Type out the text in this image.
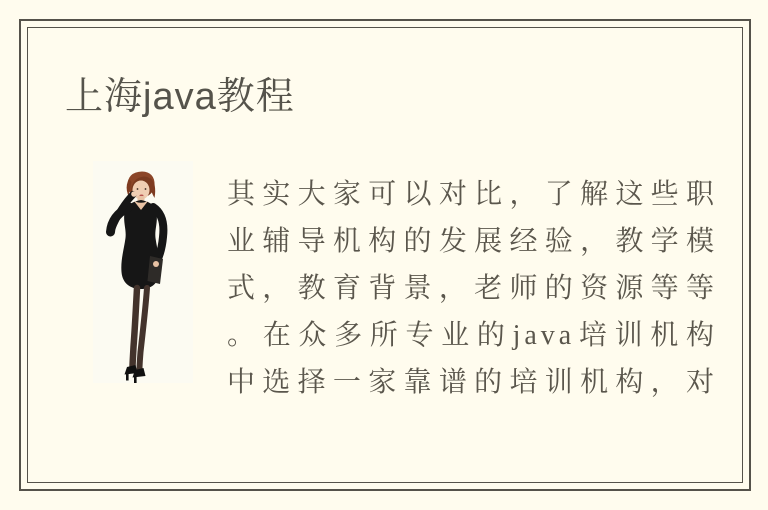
上海java教程
其实大家可以对比，了解这些职
业辅导机构的发展经验，教学模
式，教育背景，老师的资源等等
。在众多所专业的java培训机构
中选择一家靠谱的培训机构，对
